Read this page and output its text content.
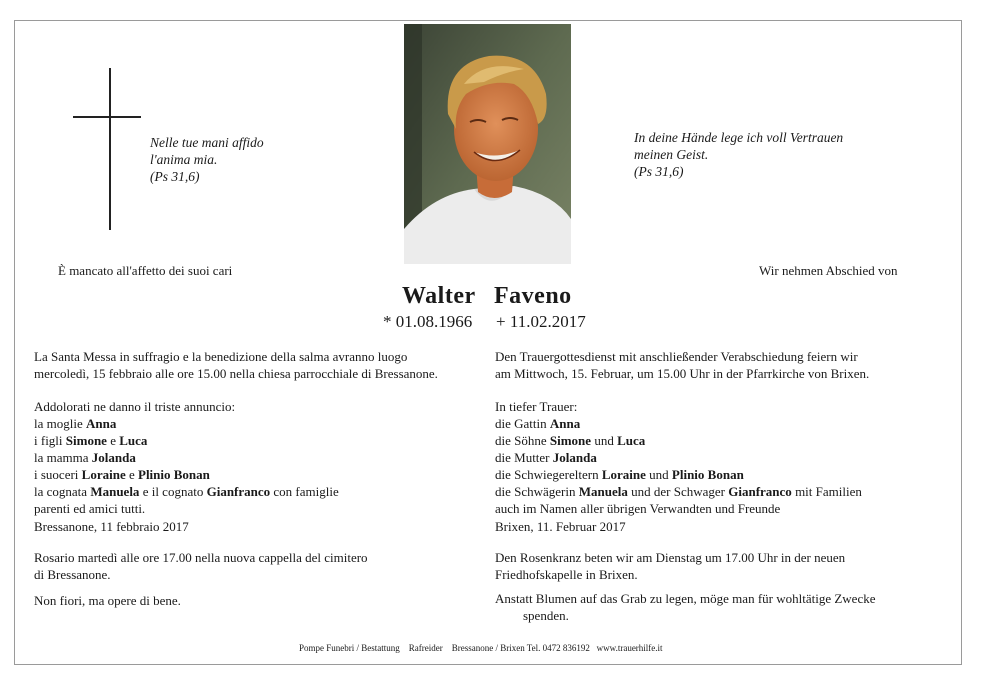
Nelle tue mani affido
l'anima mia.
(Ps 31,6)
In deine Hände lege ich voll Vertrauen
meinen Geist.
(Ps 31,6)
È mancato all'affetto dei suoi cari	Wir nehmen Abschied von
Walter Faveno
* 01.08.1966 + 11.02.2017

La Santa Messa in suffragio e la benedizione della salma avranno luogo

mercoledì, 15 febbraio alle ore 15.00 nella chiesa parrocchiale di Bressanone.

Addolorati ne danno il triste annuncio:

la moglie Anna

i figli Simone e Luca

la mamma Jolanda

i suoceri Loraine e Plinio Bonan

la cognata Manuela e il cognato Gianfranco con famiglie

parenti ed amici tutti.

Bressanone, 11 febbraio 2017

Rosario martedì alle ore 17.00 nella nuova cappella del cimitero

di Bressanone.

Non fiori, ma opere di bene.

Den Trauergottesdienst mit anschließender Verabschiedung feiern wir

am Mittwoch, 15. Februar, um 15.00 Uhr in der Pfarrkirche von Brixen.

In tiefer Trauer:

die Gattin Anna

die Söhne Simone und Luca

die Mutter Jolanda

die Schwiegereltern Loraine und Plinio Bonan

die Schwägerin Manuela und der Schwager Gianfranco mit Familien

auch im Namen aller übrigen Verwandten und Freunde

Brixen, 11. Februar 2017

Den Rosenkranz beten wir am Dienstag um 17.00 Uhr in der neuen

Friedhofskapelle in Brixen.

Anstatt Blumen auf das Grab zu legen, möge man für wohltätige Zwecke

spenden.

Pompe Funebri / Bestattung    Rafreider    Bressanone / Brixen Tel. 0472 836192   www.trauerhilfe.it
